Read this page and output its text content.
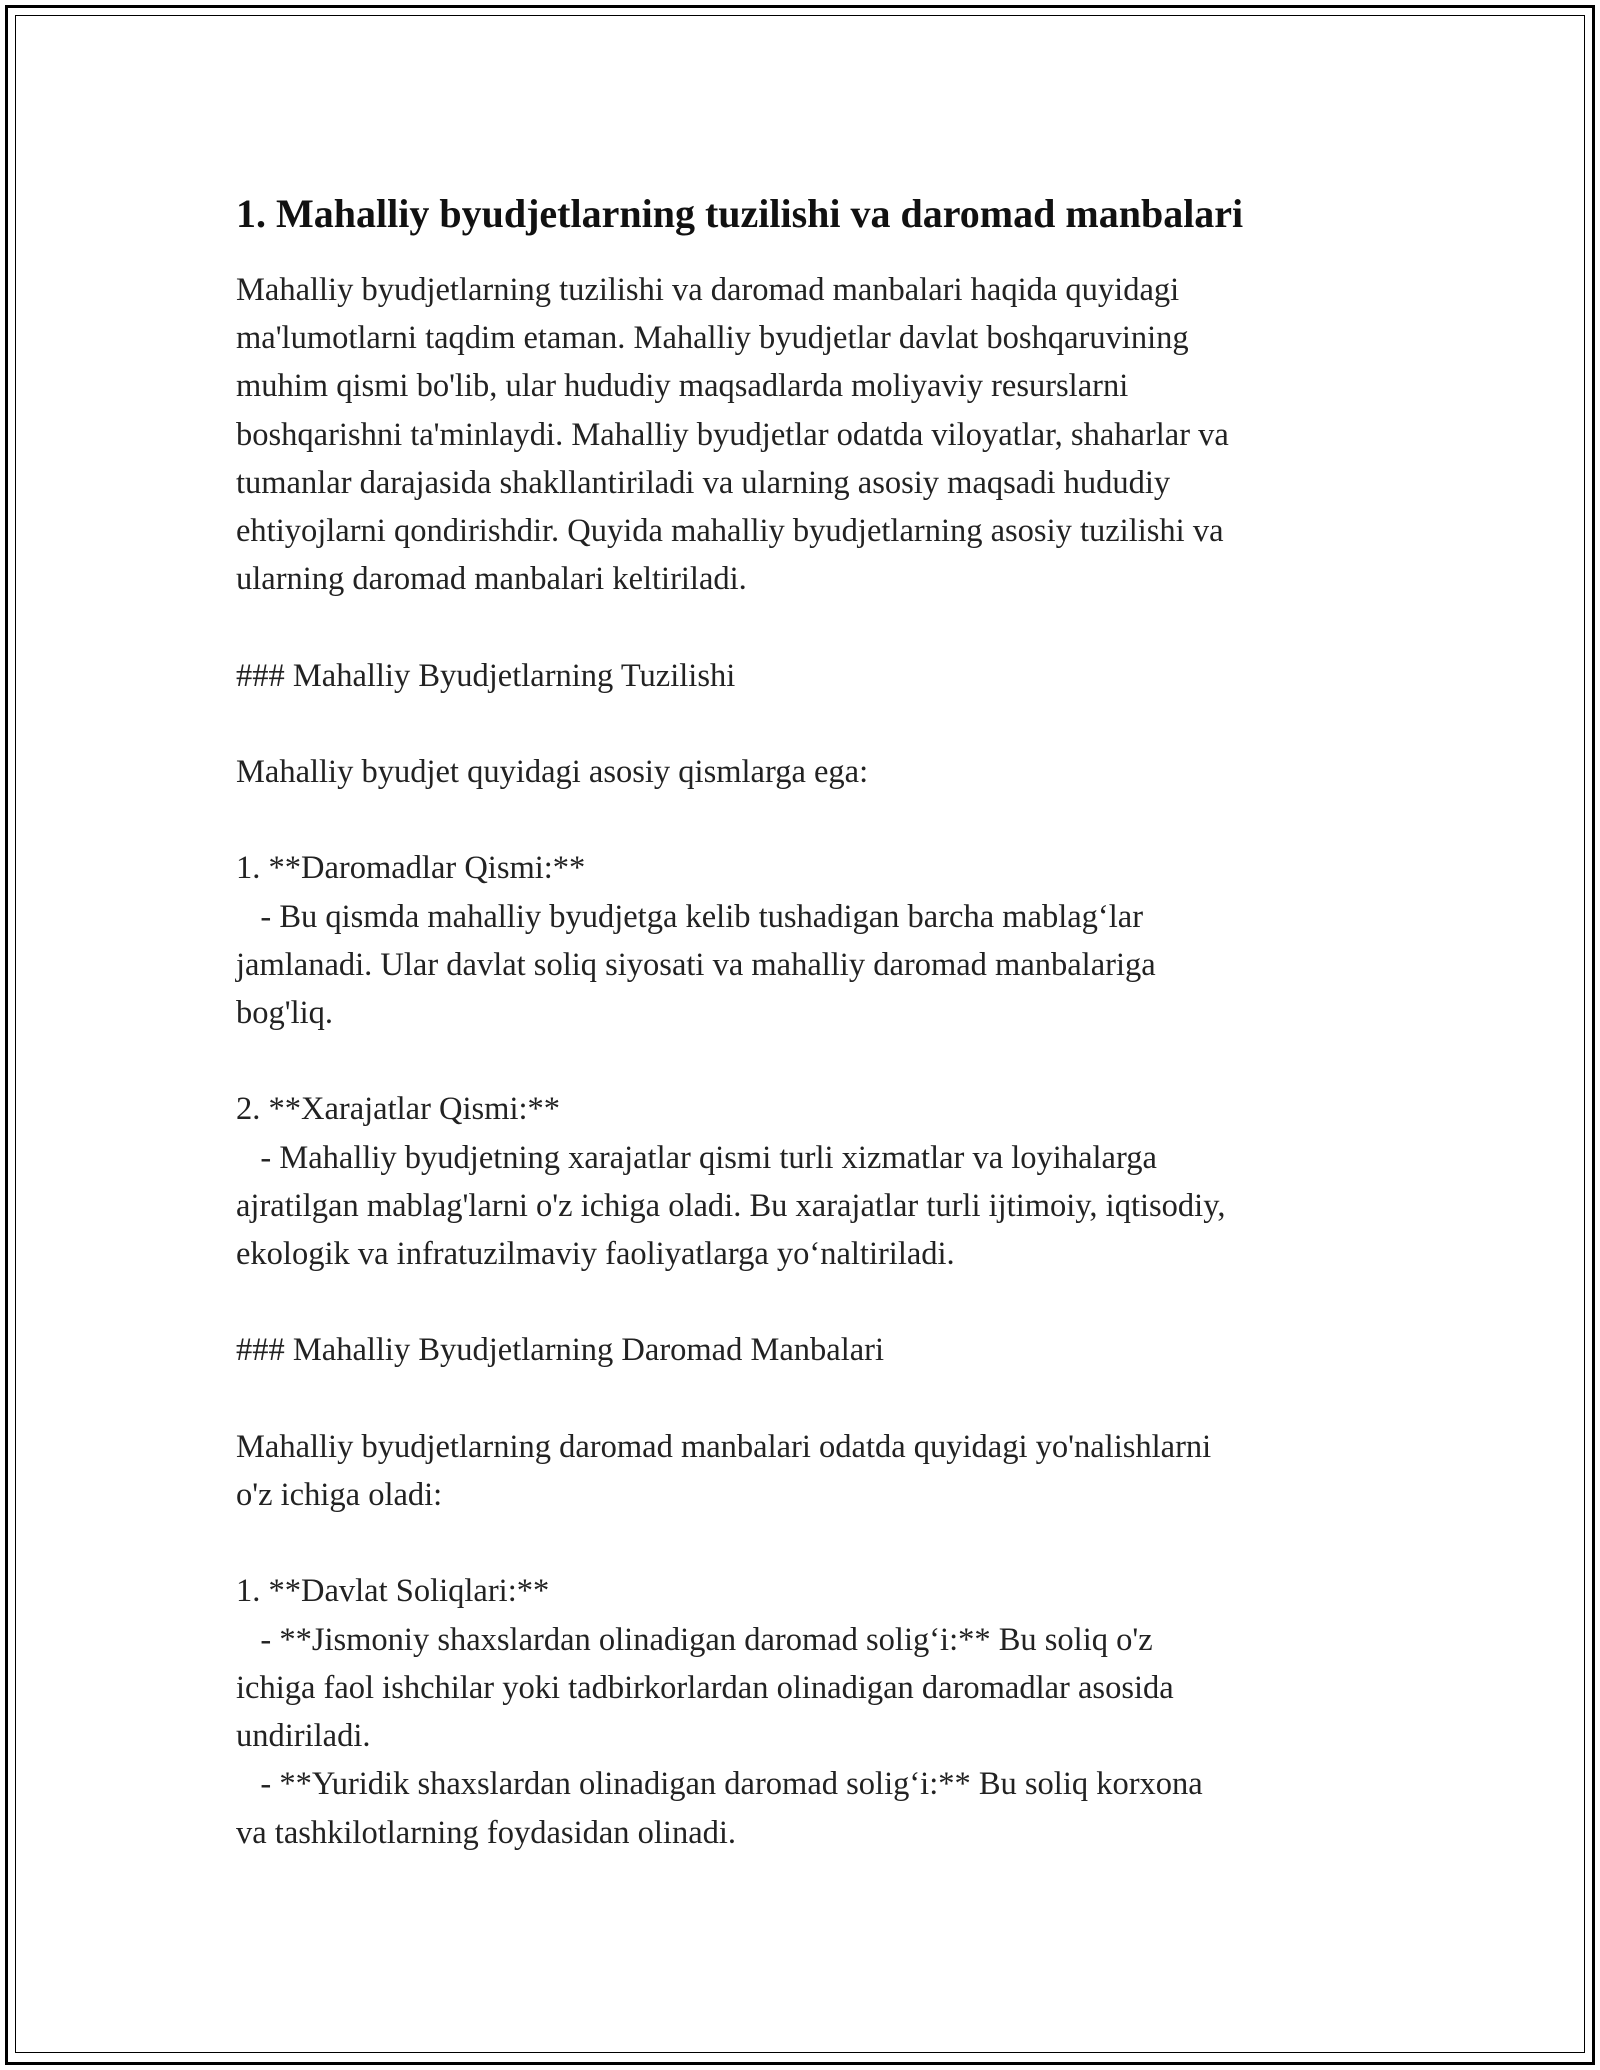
1. Mahalliy byudjetlarning tuzilishi va daromad manbalari

Mahalliy byudjetlarning tuzilishi va daromad manbalari haqida quyidagi
ma'lumotlarni taqdim etaman. Mahalliy byudjetlar davlat boshqaruvining
muhim qismi bo'lib, ular hududiy maqsadlarda moliyaviy resurslarni
boshqarishni ta'minlaydi. Mahalliy byudjetlar odatda viloyatlar, shaharlar va
tumanlar darajasida shakllantiriladi va ularning asosiy maqsadi hududiy
ehtiyojlarni qondirishdir. Quyida mahalliy byudjetlarning asosiy tuzilishi va
ularning daromad manbalari keltiriladi.

### Mahalliy Byudjetlarning Tuzilishi

Mahalliy byudjet quyidagi asosiy qismlarga ega:

1. **Daromadlar Qismi:**
- Bu qismda mahalliy byudjetga kelib tushadigan barcha mablag‘lar
jamlanadi. Ular davlat soliq siyosati va mahalliy daromad manbalariga
bog'liq.

2. **Xarajatlar Qismi:**
- Mahalliy byudjetning xarajatlar qismi turli xizmatlar va loyihalarga
ajratilgan mablag'larni o'z ichiga oladi. Bu xarajatlar turli ijtimoiy, iqtisodiy,
ekologik va infratuzilmaviy faoliyatlarga yo‘naltiriladi.

### Mahalliy Byudjetlarning Daromad Manbalari

Mahalliy byudjetlarning daromad manbalari odatda quyidagi yo'nalishlarni
o'z ichiga oladi:

1. **Davlat Soliqlari:**
- **Jismoniy shaxslardan olinadigan daromad solig‘i:** Bu soliq o'z
ichiga faol ishchilar yoki tadbirkorlardan olinadigan daromadlar asosida
undiriladi.
- **Yuridik shaxslardan olinadigan daromad solig‘i:** Bu soliq korxona
va tashkilotlarning foydasidan olinadi.
